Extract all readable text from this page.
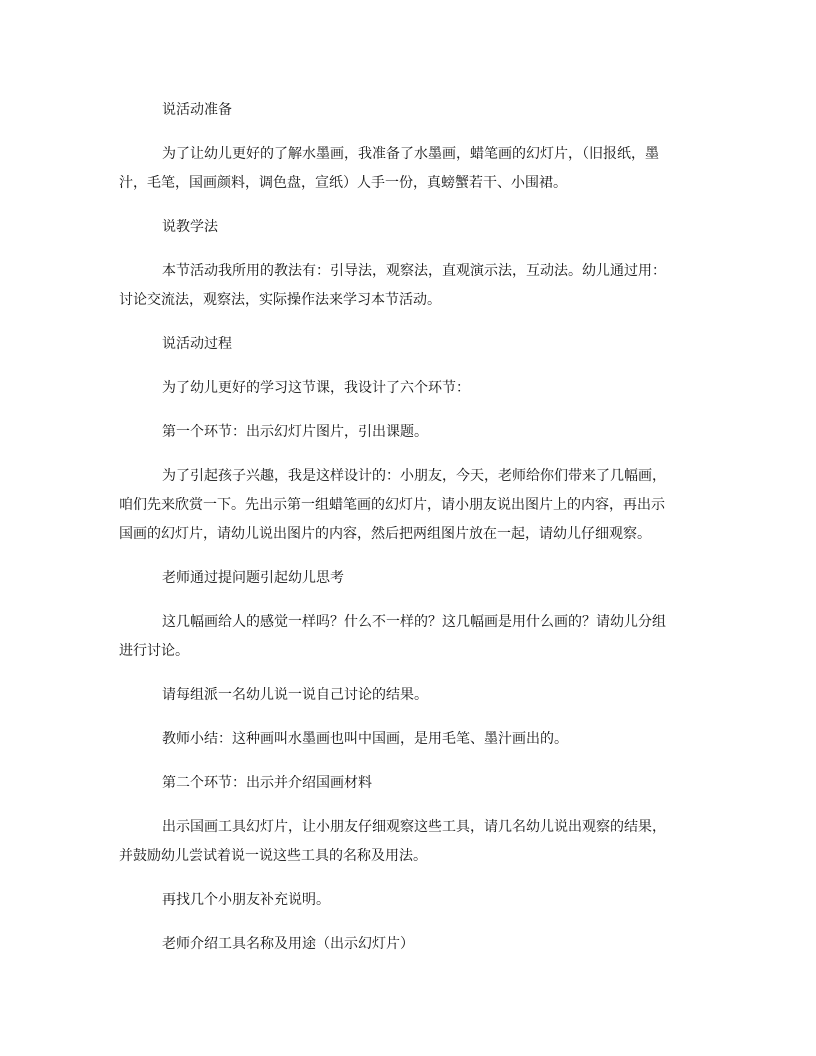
说活动准备

为了让幼儿更好的了解水墨画，我准备了水墨画，蜡笔画的幻灯片，（旧报纸，墨
汁，毛笔，国画颜料，调色盘，宣纸）人手一份，真螃蟹若干、小围裙。

说教学法

本节活动我所用的教法有：引导法，观察法，直观演示法，互动法。幼儿通过用：
讨论交流法，观察法，实际操作法来学习本节活动。

说活动过程

为了幼儿更好的学习这节课，我设计了六个环节：

第一个环节：出示幻灯片图片，引出课题。

为了引起孩子兴趣，我是这样设计的：小朋友，今天，老师给你们带来了几幅画，
咱们先来欣赏一下。先出示第一组蜡笔画的幻灯片，请小朋友说出图片上的内容，再出示
国画的幻灯片，请幼儿说出图片的内容，然后把两组图片放在一起，请幼儿仔细观察。

老师通过提问题引起幼儿思考

这几幅画给人的感觉一样吗？什么不一样的？这几幅画是用什么画的？请幼儿分组
进行讨论。

请每组派一名幼儿说一说自己讨论的结果。

教师小结：这种画叫水墨画也叫中国画，是用毛笔、墨汁画出的。

第二个环节：出示并介绍国画材料

出示国画工具幻灯片，让小朋友仔细观察这些工具，请几名幼儿说出观察的结果，
并鼓励幼儿尝试着说一说这些工具的名称及用法。

再找几个小朋友补充说明。

老师介绍工具名称及用途（出示幻灯片）
